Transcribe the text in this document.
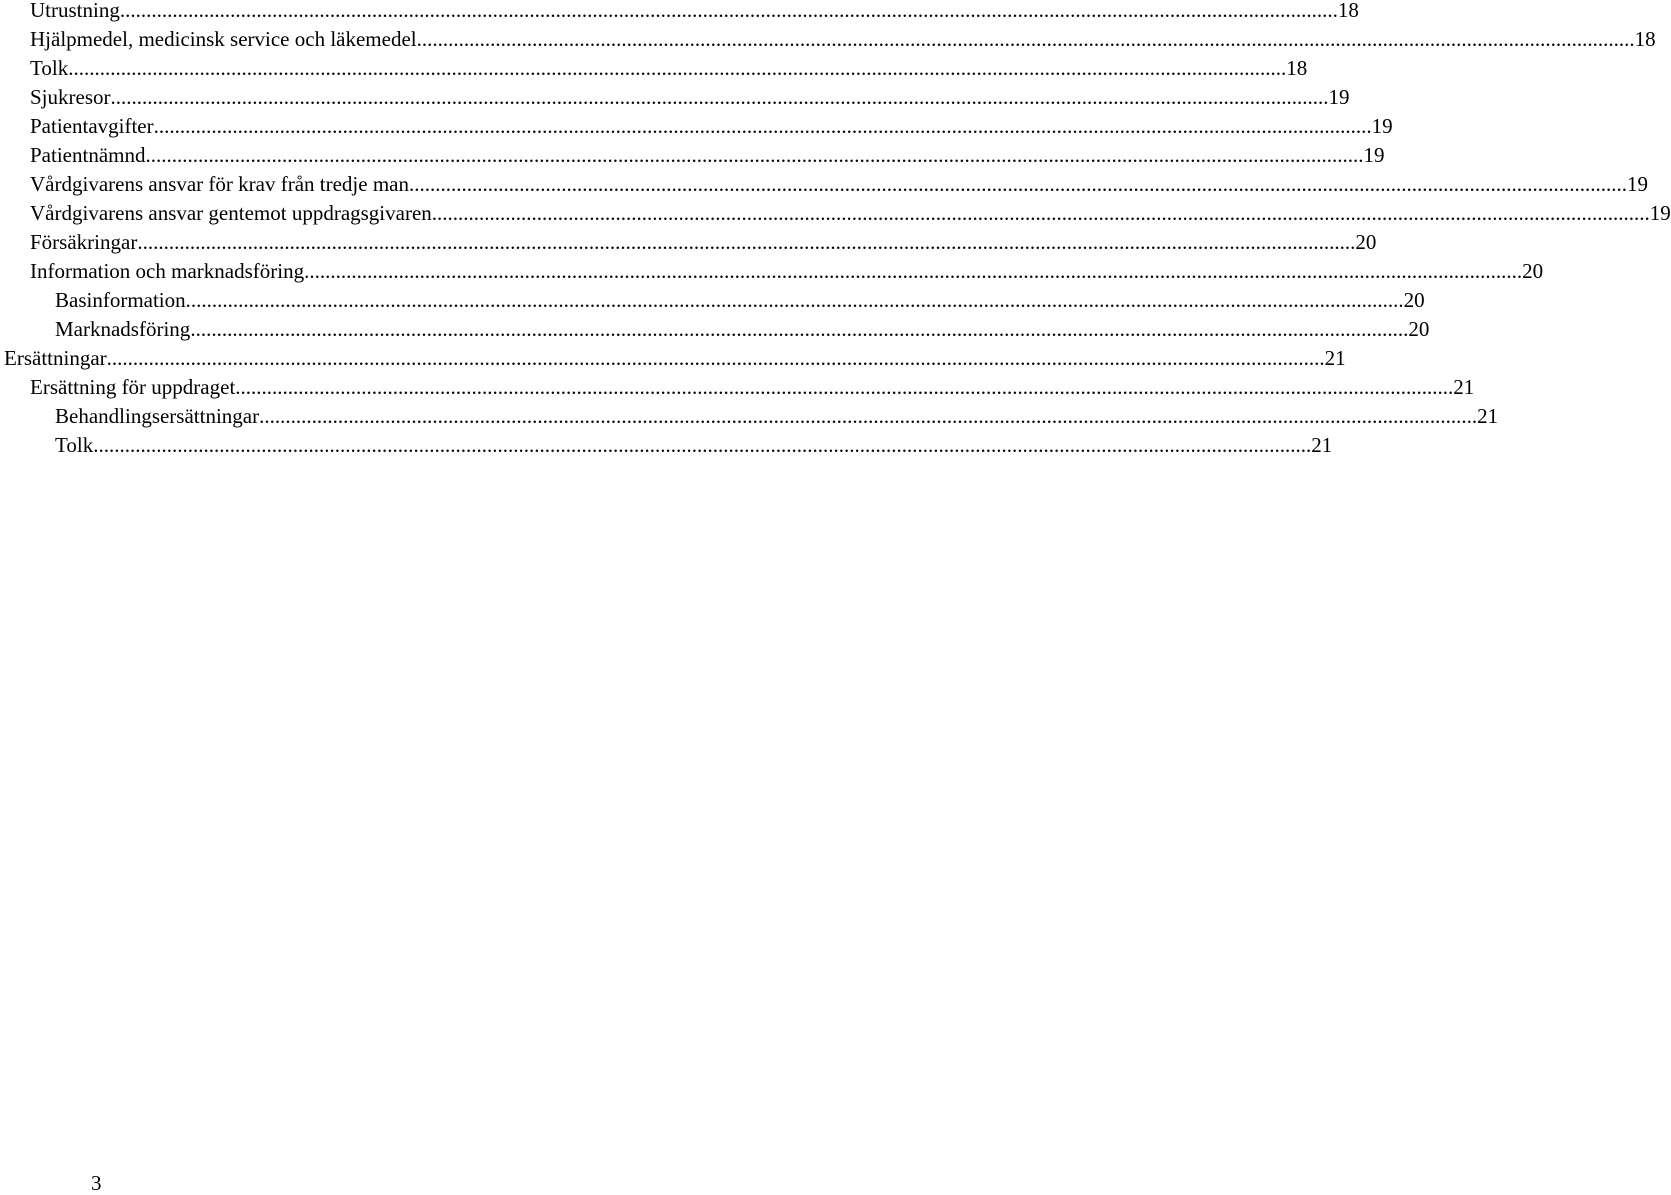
Utrustning ........................................................................................................................................................................................................................................ 18
Hjälpmedel, medicinsk service och läkemedel ........................................................................................................................................................................................................................................ 18
Tolk ........................................................................................................................................................................................................................................ 18
Sjukresor ........................................................................................................................................................................................................................................ 19
Patientavgifter ........................................................................................................................................................................................................................................ 19
Patientnämnd ........................................................................................................................................................................................................................................ 19
Vårdgivarens ansvar för krav från tredje man ........................................................................................................................................................................................................................................ 19
Vårdgivarens ansvar gentemot uppdragsgivaren ........................................................................................................................................................................................................................................ 19
Försäkringar ........................................................................................................................................................................................................................................ 20
Information och marknadsföring ........................................................................................................................................................................................................................................ 20
Basinformation ........................................................................................................................................................................................................................................ 20
Marknadsföring ........................................................................................................................................................................................................................................ 20
Ersättningar ........................................................................................................................................................................................................................................ 21
Ersättning för uppdraget ........................................................................................................................................................................................................................................ 21
Behandlingsersättningar ........................................................................................................................................................................................................................................ 21
Tolk ........................................................................................................................................................................................................................................ 21
3
